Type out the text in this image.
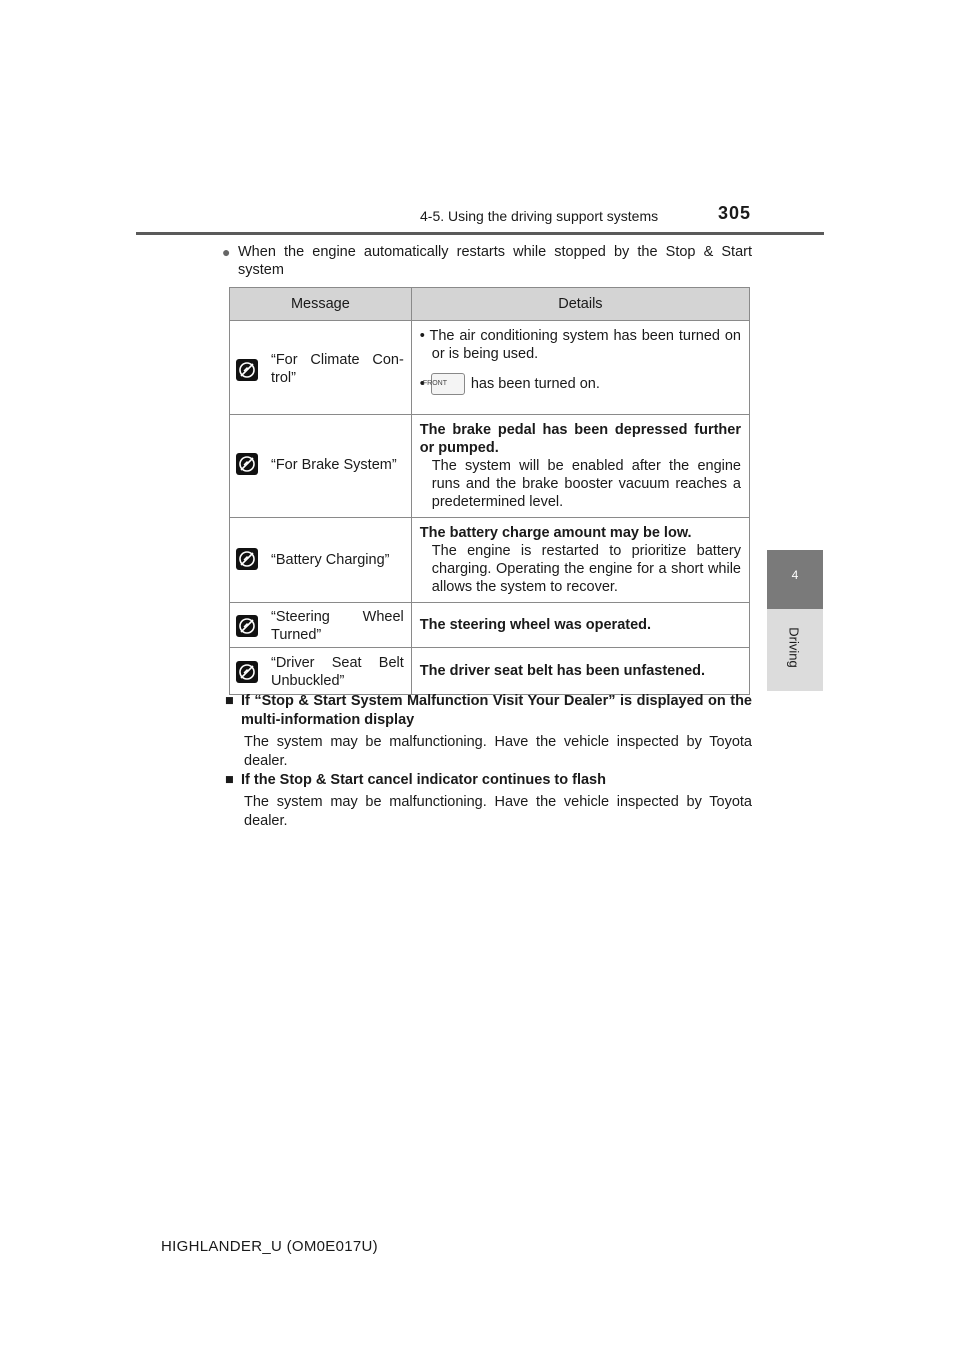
4-5. Using the driving support systems	305
4
Driving
● When the engine automatically restarts while stopped by the Stop & Start
system
Message	Details

“For Climate Con-trol”	• The air conditioning system has been turned on or is being used.
•
FRONT has been turned on.

“For Brake System”	The brake pedal has been depressed further or pumped.
The system will be enabled after the engine runs and the brake booster vacuum reaches a predetermined level.

“Battery Charging”	The battery charge amount may be low.
The engine is restarted to prioritize battery charging. Operating the engine for a short while allows the system to recover.

“Steering Wheel Turned”	The steering wheel was operated.

“Driver Seat Belt Unbuckled”	The driver seat belt has been unfastened.
■ If “Stop & Start System Malfunction Visit Your Dealer” is displayed on the multi-information display
The system may be malfunctioning. Have the vehicle inspected by Toyota dealer.
■ If the Stop & Start cancel indicator continues to flash
The system may be malfunctioning. Have the vehicle inspected by Toyota dealer.
HIGHLANDER_U (OM0E017U)
